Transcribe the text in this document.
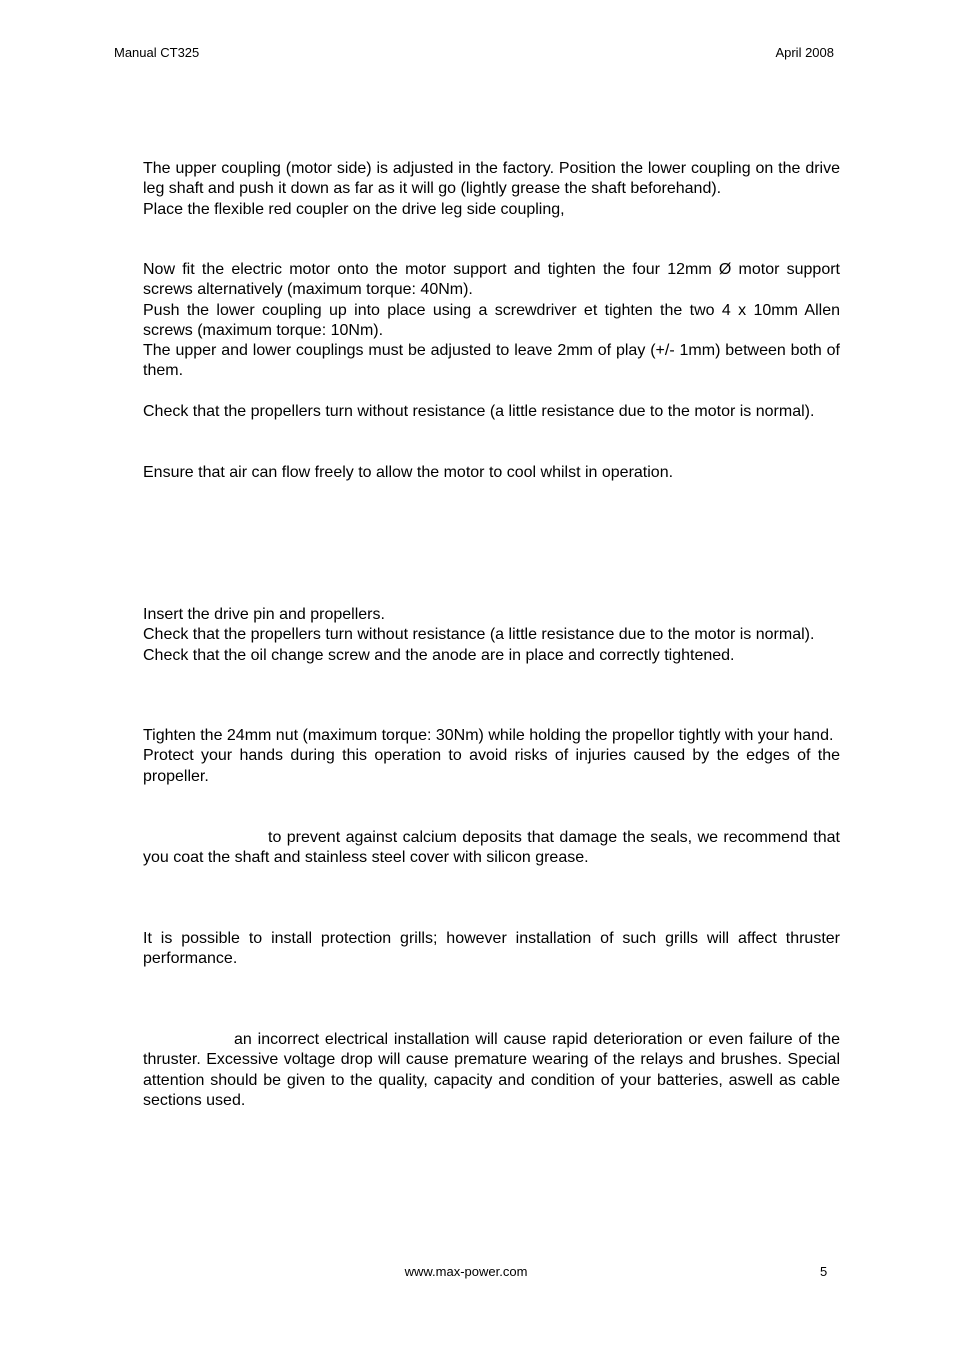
Manual CT325	April 2008

The upper coupling (motor side) is adjusted in the factory. Position the lower coupling on the drive leg shaft and push it down as far as it will go (lightly grease the shaft beforehand).

Place the flexible red coupler on the drive leg side coupling,

Now fit the electric motor onto the motor support and tighten the four 12mm Ø motor support screws alternatively (maximum torque: 40Nm).

Push the lower coupling up into place using a screwdriver et tighten the two 4 x 10mm Allen screws (maximum torque: 10Nm).

The upper and lower couplings must be adjusted to leave 2mm of play (+/- 1mm) between both of them.

Check that the propellers turn without resistance (a little resistance due to the motor is normal).

Ensure that air can flow freely to allow the motor to cool whilst in operation.

Insert the drive pin and propellers.

Check that the propellers turn without resistance (a little resistance due to the motor is normal).

Check that the oil change screw and the anode are in place and correctly tightened.

Tighten the 24mm nut (maximum torque: 30Nm) while holding the propellor tightly with your hand.

Protect your hands during this operation to avoid risks of injuries caused by the edges of the propeller.

to prevent against calcium deposits that damage the seals, we recommend that you coat the shaft and stainless steel cover with silicon grease.

It is possible to install protection grills; however installation of such grills will affect thruster performance.

an incorrect electrical installation will cause rapid deterioration or even failure of the thruster. Excessive voltage drop will cause premature wearing of the relays and brushes. Special attention should be given to the quality, capacity and condition of your batteries, aswell as cable sections used.

www.max-power.com	5
